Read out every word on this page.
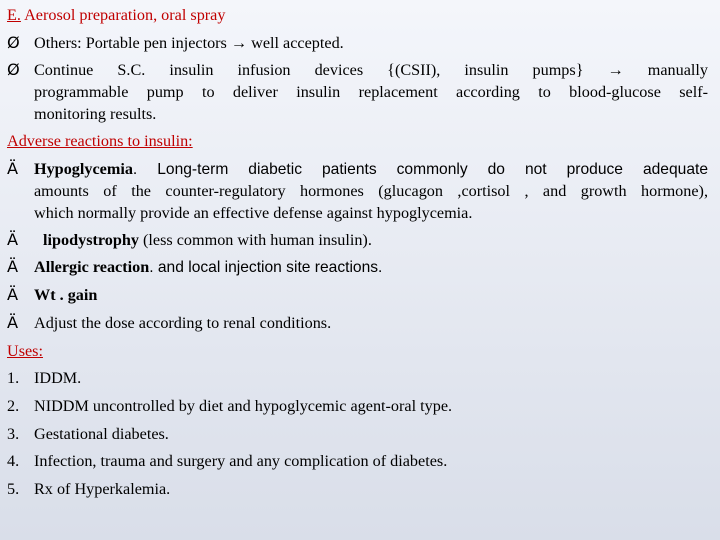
E. Aerosol preparation, oral spray
Ø Others: Portable pen injectors → well accepted.
Ø Continue S.C. insulin infusion devices {(CSII), insulin pumps} → manually
programmable pump to deliver insulin replacement according to blood-glucose self-
monitoring results.
Adverse reactions to insulin:
Ä Hypoglycemia. Long-term diabetic patients commonly do not produce adequate
amounts of the counter-regulatory hormones (glucagon ,cortisol , and growth hormone),
which normally provide an effective defense against hypoglycemia.
Ä	lipodystrophy (less common with human insulin).
Ä Allergic reaction. and local injection site reactions.
Ä Wt . gain
Ä Adjust the dose according to renal conditions.
Uses:
1. IDDM.
2. NIDDM uncontrolled by diet and hypoglycemic agent-oral type.
3. Gestational diabetes.
4. Infection, trauma and surgery and any complication of diabetes.
5. Rx of Hyperkalemia.
